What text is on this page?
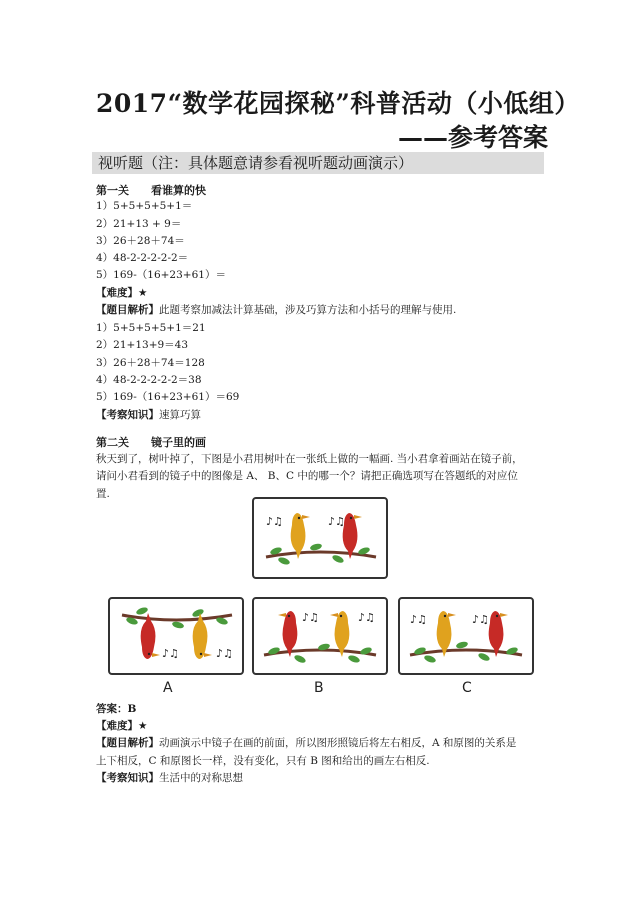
2017“数学花园探秘”科普活动（小低组）
——参考答案
视听题（注：具体题意请参看视听题动画演示）
第一关 看谁算的快
1）5+5+5+5+1＝
2）21+13 + 9＝
3）26＋28＋74＝
4）48-2-2-2-2-2＝
5）169-（16+23+61）＝
【难度】★
【题目解析】此题考察加减法计算基础，涉及巧算方法和小括号的理解与使用.
1）5+5+5+5+1＝21
2）21+13+9＝43
3）26＋28＋74＝128
4）48-2-2-2-2-2＝38
5）169-（16+23+61）＝69
【考察知识】速算巧算
第二关 镜子里的画
秋天到了，树叶掉了，下图是小君用树叶在一张纸上做的一幅画. 当小君拿着画站在镜子前，
请问小君看到的镜子中的图像是 A、 B、C 中的哪一个？请把正确选项写在答题纸的对应位
置.
A	B	C
答案：B
【难度】★
【题目解析】动画演示中镜子在画的前面，所以图形照镜后将左右相反，A 和原图的关系是
上下相反，C 和原图长一样，没有变化，只有 B 图和给出的画左右相反.
【考察知识】生活中的对称思想
